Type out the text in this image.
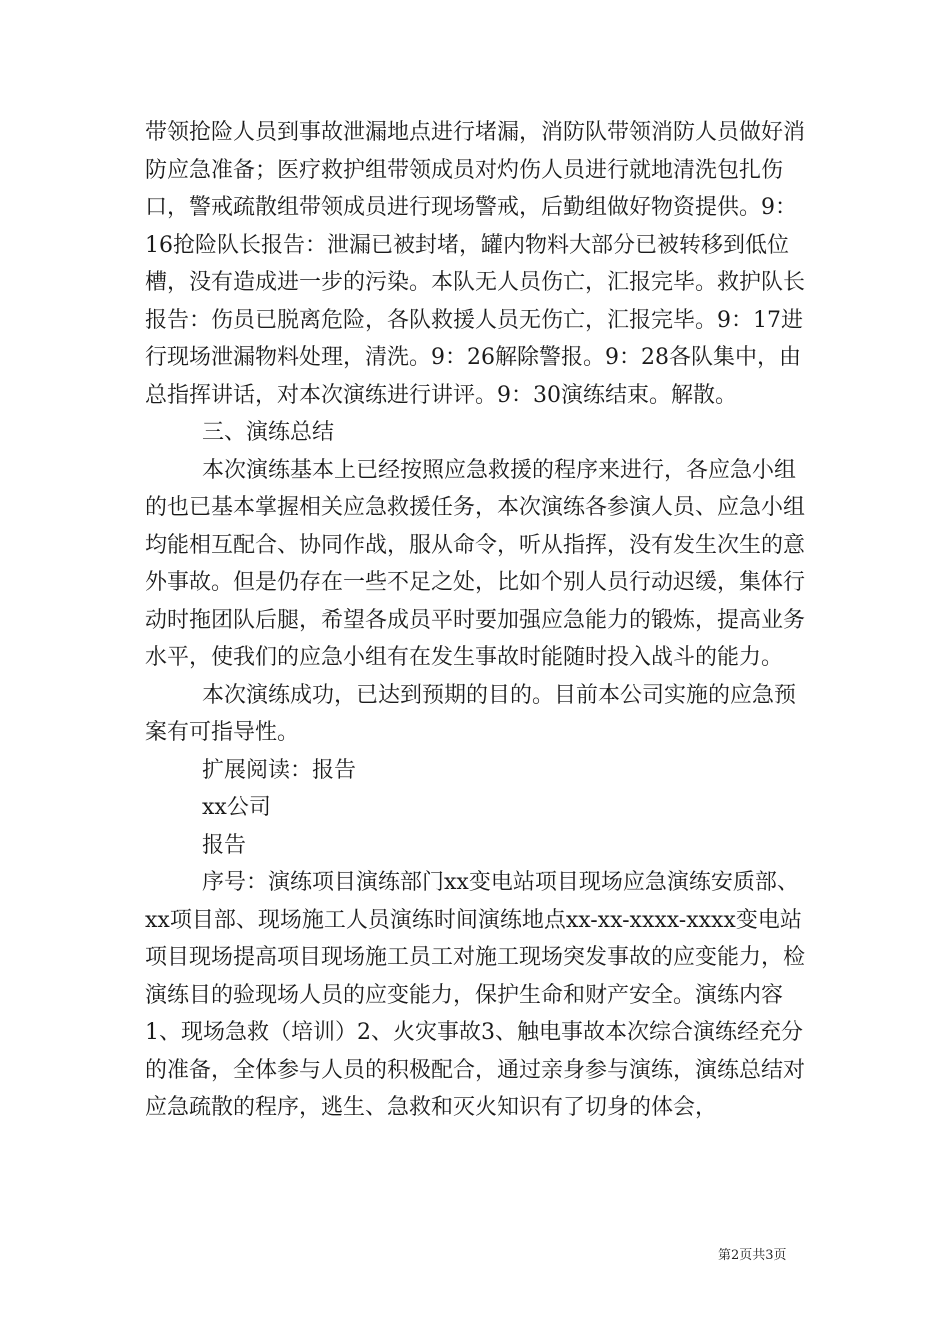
带领抢险人员到事故泄漏地点进行堵漏，消防队带领消防人员做好消防应急准备；医疗救护组带领成员对灼伤人员进行就地清洗包扎伤口，警戒疏散组带领成员进行现场警戒，后勤组做好物资提供。9：16抢险队长报告：泄漏已被封堵，罐内物料大部分已被转移到低位槽，没有造成进一步的污染。本队无人员伤亡，汇报完毕。救护队长报告：伤员已脱离危险，各队救援人员无伤亡，汇报完毕。9：17进行现场泄漏物料处理，清洗。9：26解除警报。9：28各队集中，由总指挥讲话，对本次演练进行讲评。9：30演练结束。解散。

三、演练总结

本次演练基本上已经按照应急救援的程序来进行，各应急小组的也已基本掌握相关应急救援任务，本次演练各参演人员、应急小组均能相互配合、协同作战，服从命令，听从指挥，没有发生次生的意外事故。但是仍存在一些不足之处，比如个别人员行动迟缓，集体行动时拖团队后腿，希望各成员平时要加强应急能力的锻炼，提高业务水平，使我们的应急小组有在发生事故时能随时投入战斗的能力。

本次演练成功，已达到预期的目的。目前本公司实施的应急预案有可指导性。

扩展阅读：报告

xx公司

报告

序号：演练项目演练部门xx变电站项目现场应急演练安质部、xx项目部、现场施工人员演练时间演练地点xx-xx-xxxx-xxxx变电站项目现场提高项目现场施工员工对施工现场突发事故的应变能力，检演练目的验现场人员的应变能力，保护生命和财产安全。演练内容1、现场急救（培训）2、火灾事故3、触电事故本次综合演练经充分的准备，全体参与人员的积极配合，通过亲身参与演练，演练总结对应急疏散的程序，逃生、急救和灭火知识有了切身的体会，

第2页共3页
